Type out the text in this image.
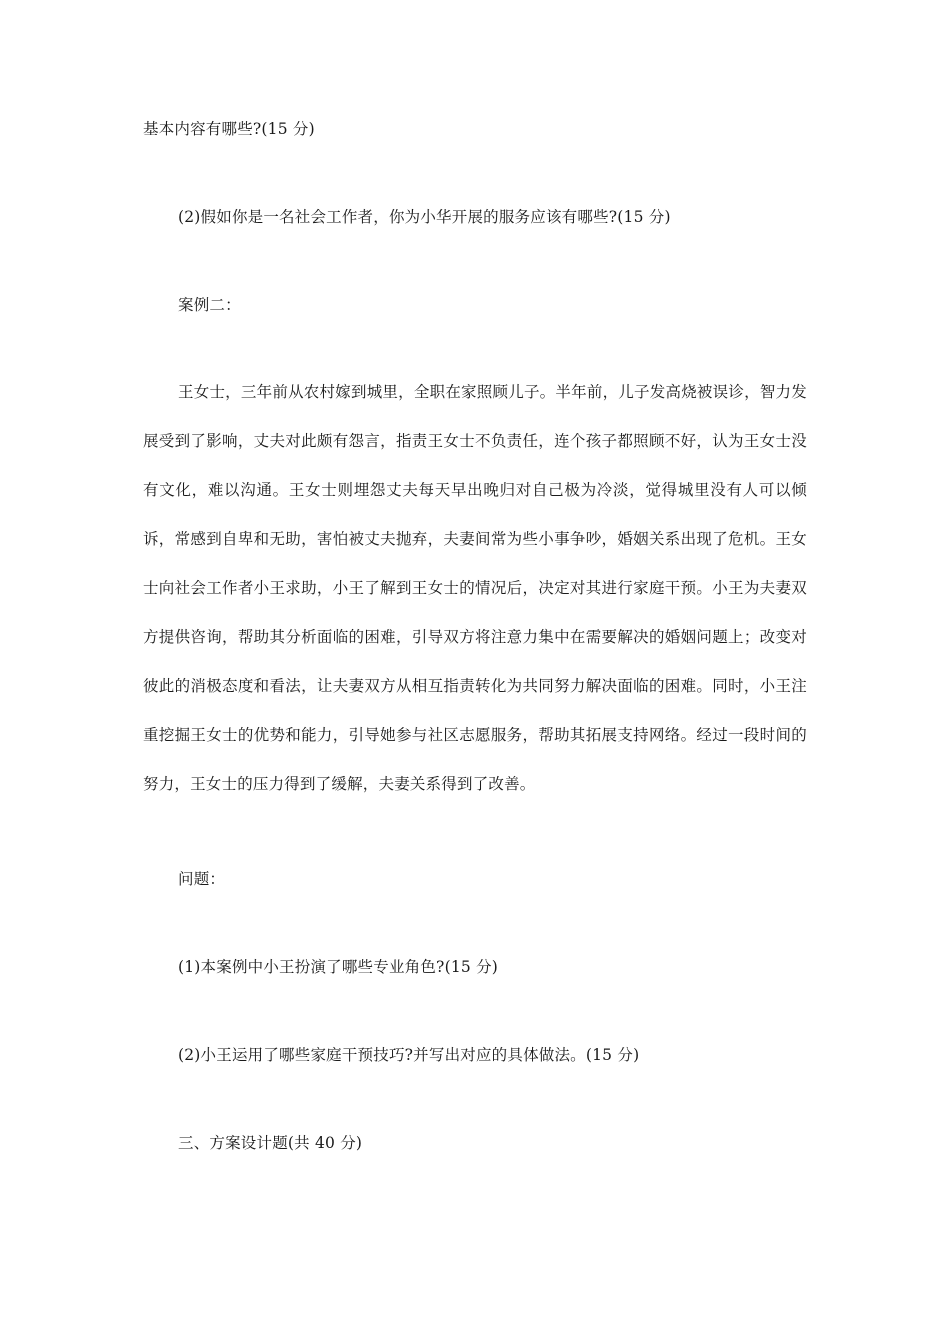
基本内容有哪些?(15 分)
(2)假如你是一名社会工作者，你为小华开展的服务应该有哪些?(15 分)
案例二：

王女士，三年前从农村嫁到城里，全职在家照顾儿子。半年前，儿子发高烧被误诊，智力发展受到了影响，丈夫对此颇有怨言，指责王女士不负责任，连个孩子都照顾不好，认为王女士没有文化，难以沟通。王女士则埋怨丈夫每天早出晚归对自己极为冷淡，觉得城里没有人可以倾诉，常感到自卑和无助，害怕被丈夫抛弃，夫妻间常为些小事争吵，婚姻关系出现了危机。王女士向社会工作者小王求助，小王了解到王女士的情况后，决定对其进行家庭干预。小王为夫妻双方提供咨询，帮助其分析面临的困难，引导双方将注意力集中在需要解决的婚姻问题上；改变对彼此的消极态度和看法，让夫妻双方从相互指责转化为共同努力解决面临的困难。同时，小王注重挖掘王女士的优势和能力，引导她参与社区志愿服务，帮助其拓展支持网络。经过一段时间的努力，王女士的压力得到了缓解，夫妻关系得到了改善。

问题：
(1)本案例中小王扮演了哪些专业角色?(15 分)
(2)小王运用了哪些家庭干预技巧?并写出对应的具体做法。(15 分)
三、方案设计题(共 40 分)
